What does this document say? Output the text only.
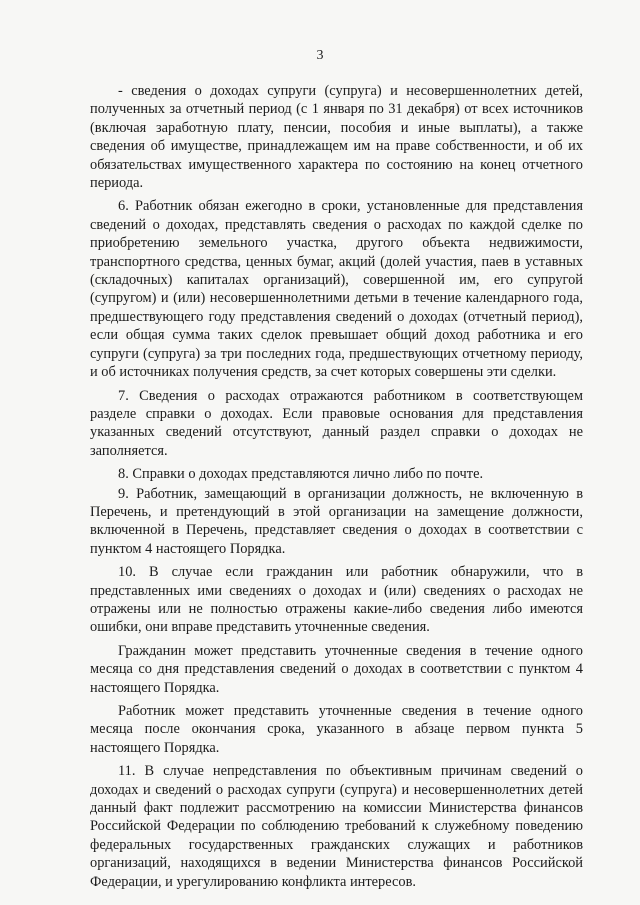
3

- сведения о доходах супруги (супруга) и несовершеннолетних детей, полученных за отчетный период (с 1 января по 31 декабря) от всех источников (включая заработную плату, пенсии, пособия и иные выплаты), а также сведения об имуществе, принадлежащем им на праве собственности, и об их обязательствах имущественного характера по состоянию на конец отчетного периода.

6. Работник обязан ежегодно в сроки, установленные для представления сведений о доходах, представлять сведения о расходах по каждой сделке по приобретению земельного участка, другого объекта недвижимости, транспортного средства, ценных бумаг, акций (долей участия, паев в уставных (складочных) капиталах организаций), совершенной им, его супругой (супругом) и (или) несовершеннолетними детьми в течение календарного года, предшествующего году представления сведений о доходах (отчетный период), если общая сумма таких сделок превышает общий доход работника и его супруги (супруга) за три последних года, предшествующих отчетному периоду, и об источниках получения средств, за счет которых совершены эти сделки.

7. Сведения о расходах отражаются работником в соответствующем разделе справки о доходах. Если правовые основания для представления указанных сведений отсутствуют, данный раздел справки о доходах не заполняется.

8. Справки о доходах представляются лично либо по почте.

9. Работник, замещающий в организации должность, не включенную в Перечень, и претендующий в этой организации на замещение должности, включенной в Перечень, представляет сведения о доходах в соответствии с пунктом 4 настоящего Порядка.

10. В случае если гражданин или работник обнаружили, что в представленных ими сведениях о доходах и (или) сведениях о расходах не отражены или не полностью отражены какие-либо сведения либо имеются ошибки, они вправе представить уточненные сведения.

Гражданин может представить уточненные сведения в течение одного месяца со дня представления сведений о доходах в соответствии с пунктом 4 настоящего Порядка.

Работник может представить уточненные сведения в течение одного месяца после окончания срока, указанного в абзаце первом пункта 5 настоящего Порядка.

11. В случае непредставления по объективным причинам сведений о доходах и сведений о расходах супруги (супруга) и несовершеннолетних детей данный факт подлежит рассмотрению на комиссии Министерства финансов Российской Федерации по соблюдению требований к служебному поведению федеральных государственных гражданских служащих и работников организаций, находящихся в ведении Министерства финансов Российской Федерации, и урегулированию конфликта интересов.
